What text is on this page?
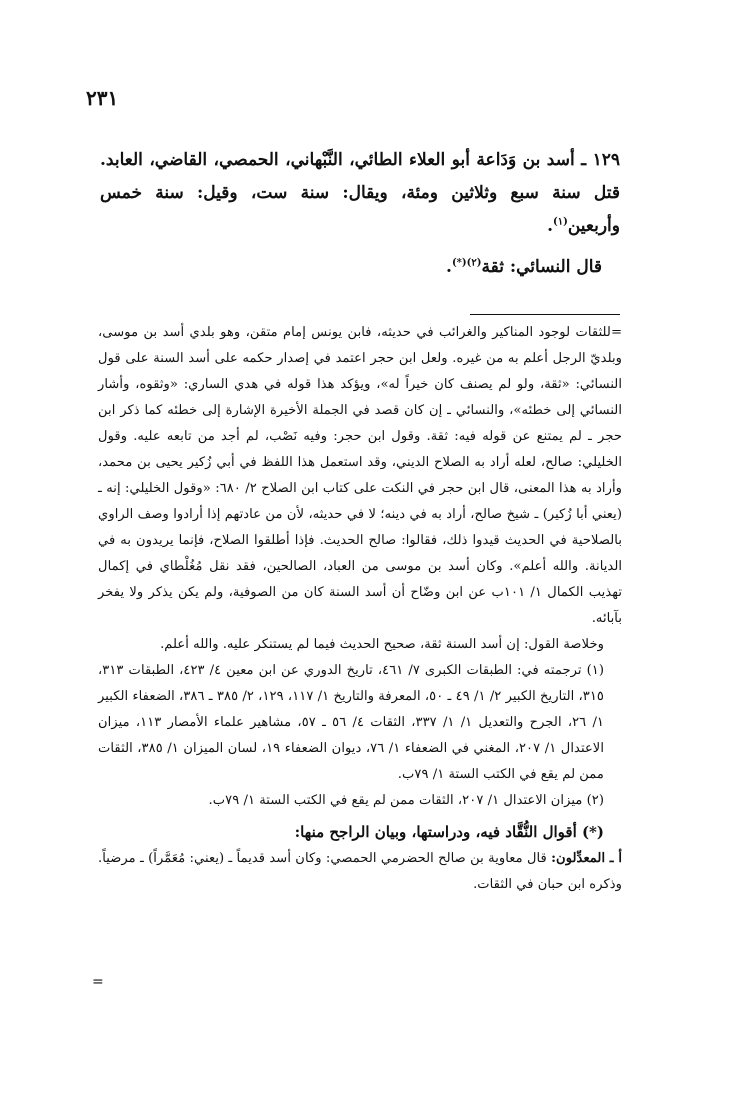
٢٣١

١٢٩ ـ أسد بن وَدَاعة أبو العلاء الطائي، النَّبْهاني، الحمصي، القاضي، العابد. قتل سنة سبع وثلاثين ومئة، ويقال: سنة ست، وقيل: سنة خمس وأربعين$^{(١)}$.

قال النسائي: ثقة$^{(٢)(*)}$.

=للثقات لوجود المناكير والغرائب في حديثه، فابن يونس إمام متقن، وهو بلدي أسد بن موسى، وبلديّ الرجل أعلم به من غيره. ولعل ابن حجر اعتمد في إصدار حكمه على أسد السنة على قول النسائي: «ثقة، ولو لم يصنف كان خيراً له»، ويؤكد هذا قوله في هدي الساري: «وثقوه، وأشار النسائي إلى خطئه»، والنسائي ـ إن كان قصد في الجملة الأخيرة الإشارة إلى خطئه كما ذكر ابن حجر ـ لم يمتنع عن قوله فيه: ثقة. وقول ابن حجر: وفيه نَصْب، لم أجد من تابعه عليه. وقول الخليلي: صالح، لعله أراد به الصلاح الديني، وقد استعمل هذا اللفظ في أبي زُكير يحيى بن محمد، وأراد به هذا المعنى، قال ابن حجر في النكت على كتاب ابن الصلاح ٢/ ٦٨٠: «وقول الخليلي: إنه ـ (يعني أبا زُكير) ـ شيخ صالح، أراد به في دينه؛ لا في حديثه، لأن من عادتهم إذا أرادوا وصف الراوي بالصلاحية في الحديث قيدوا ذلك، فقالوا: صالح الحديث. فإذا أطلقوا الصلاح، فإنما يريدون به في الديانة. والله أعلم». وكان أسد بن موسى من العباد، الصالحين، فقد نقل مُغُلْطاي في إكمال تهذيب الكمال ١/ ١٠١ب عن ابن وضّاح أن أسد السنة كان من الصوفية، ولم يكن يذكر ولا يفخر بآبائه.

وخلاصة القول: إن أسد السنة ثقة، صحيح الحديث فيما لم يستنكر عليه. والله أعلم.

(١) ترجمته في: الطبقات الكبرى ٧/ ٤٦١، تاريخ الدوري عن ابن معين ٤/ ٤٢٣، الطبقات ٣١٣، ٣١٥، التاريخ الكبير ٢/ ١/ ٤٩ ـ ٥٠، المعرفة والتاريخ ١/ ١١٧، ١٢٩، ٢/ ٣٨٥ ـ ٣٨٦، الضعفاء الكبير ١/ ٢٦، الجرح والتعديل ١/ ١/ ٣٣٧، الثقات ٤/ ٥٦ ـ ٥٧، مشاهير علماء الأمصار ١١٣، ميزان الاعتدال ١/ ٢٠٧، المغني في الضعفاء ١/ ٧٦، ديوان الضعفاء ١٩، لسان الميزان ١/ ٣٨٥، الثقات ممن لم يقع في الكتب الستة ١/ ٧٩ب.

(٢) ميزان الاعتدال ١/ ٢٠٧، الثقات ممن لم يقع في الكتب الستة ١/ ٧٩ب.

(*) أقوال النُّقَّاد فيه، ودراستها، وبيان الراجح منها:

أ ـ المعدِّلون: قال معاوية بن صالح الحضرمي الحمصي: وكان أسد قديماً ـ (يعني: مُعَمَّراً) ـ مرضياً. وذكره ابن حبان في الثقات.

=
